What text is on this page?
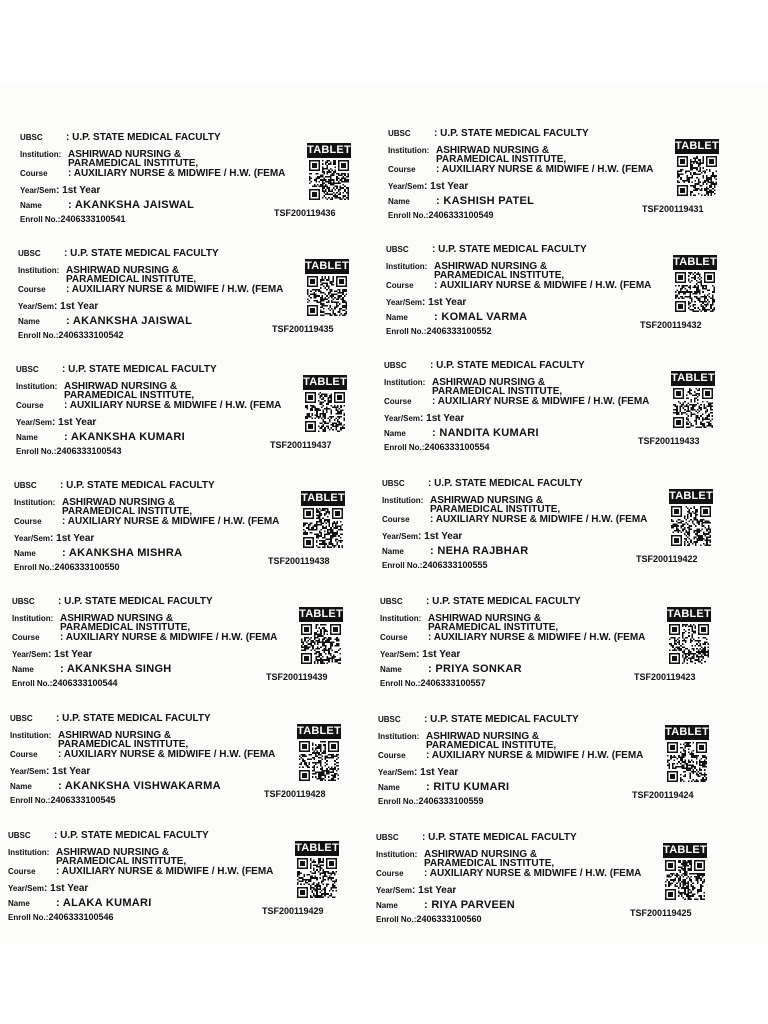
UBSC : U.P. STATE MEDICAL FACULTY
Institution: ASHIRWAD NURSING &
PARAMEDICAL INSTITUTE,
Course : AUXILIARY NURSE & MIDWIFE / H.W. (FEMA
Year/Sem: 1st Year
Name : AKANKSHA JAISWAL
Enroll No.:2406333100541
TABLET
TSF200119436
UBSC : U.P. STATE MEDICAL FACULTY
Institution: ASHIRWAD NURSING &
PARAMEDICAL INSTITUTE,
Course : AUXILIARY NURSE & MIDWIFE / H.W. (FEMA
Year/Sem: 1st Year
Name : KASHISH PATEL
Enroll No.:2406333100549
TABLET
TSF200119431
UBSC : U.P. STATE MEDICAL FACULTY
Institution: ASHIRWAD NURSING &
PARAMEDICAL INSTITUTE,
Course : AUXILIARY NURSE & MIDWIFE / H.W. (FEMA
Year/Sem: 1st Year
Name : AKANKSHA JAISWAL
Enroll No.:2406333100542
TABLET
TSF200119435
UBSC : U.P. STATE MEDICAL FACULTY
Institution: ASHIRWAD NURSING &
PARAMEDICAL INSTITUTE,
Course : AUXILIARY NURSE & MIDWIFE / H.W. (FEMA
Year/Sem: 1st Year
Name : KOMAL VARMA
Enroll No.:2406333100552
TABLET
TSF200119432
UBSC : U.P. STATE MEDICAL FACULTY
Institution: ASHIRWAD NURSING &
PARAMEDICAL INSTITUTE,
Course : AUXILIARY NURSE & MIDWIFE / H.W. (FEMA
Year/Sem: 1st Year
Name : AKANKSHA KUMARI
Enroll No.:2406333100543
TABLET
TSF200119437
UBSC : U.P. STATE MEDICAL FACULTY
Institution: ASHIRWAD NURSING &
PARAMEDICAL INSTITUTE,
Course : AUXILIARY NURSE & MIDWIFE / H.W. (FEMA
Year/Sem: 1st Year
Name : NANDITA KUMARI
Enroll No.:2406333100554
TABLET
TSF200119433
UBSC : U.P. STATE MEDICAL FACULTY
Institution: ASHIRWAD NURSING &
PARAMEDICAL INSTITUTE,
Course : AUXILIARY NURSE & MIDWIFE / H.W. (FEMA
Year/Sem: 1st Year
Name : AKANKSHA MISHRA
Enroll No.:2406333100550
TABLET
TSF200119438
UBSC : U.P. STATE MEDICAL FACULTY
Institution: ASHIRWAD NURSING &
PARAMEDICAL INSTITUTE,
Course : AUXILIARY NURSE & MIDWIFE / H.W. (FEMA
Year/Sem: 1st Year
Name : NEHA RAJBHAR
Enroll No.:2406333100555
TABLET
TSF200119422
UBSC : U.P. STATE MEDICAL FACULTY
Institution: ASHIRWAD NURSING &
PARAMEDICAL INSTITUTE,
Course : AUXILIARY NURSE & MIDWIFE / H.W. (FEMA
Year/Sem: 1st Year
Name : AKANKSHA SINGH
Enroll No.:2406333100544
TABLET
TSF200119439
UBSC : U.P. STATE MEDICAL FACULTY
Institution: ASHIRWAD NURSING &
PARAMEDICAL INSTITUTE,
Course : AUXILIARY NURSE & MIDWIFE / H.W. (FEMA
Year/Sem: 1st Year
Name : PRIYA SONKAR
Enroll No.:2406333100557
TABLET
TSF200119423
UBSC : U.P. STATE MEDICAL FACULTY
Institution: ASHIRWAD NURSING &
PARAMEDICAL INSTITUTE,
Course : AUXILIARY NURSE & MIDWIFE / H.W. (FEMA
Year/Sem: 1st Year
Name : AKANKSHA VISHWAKARMA
Enroll No.:2406333100545
TABLET
TSF200119428
UBSC : U.P. STATE MEDICAL FACULTY
Institution: ASHIRWAD NURSING &
PARAMEDICAL INSTITUTE,
Course : AUXILIARY NURSE & MIDWIFE / H.W. (FEMA
Year/Sem: 1st Year
Name : RITU KUMARI
Enroll No.:2406333100559
TABLET
TSF200119424
UBSC : U.P. STATE MEDICAL FACULTY
Institution: ASHIRWAD NURSING &
PARAMEDICAL INSTITUTE,
Course : AUXILIARY NURSE & MIDWIFE / H.W. (FEMA
Year/Sem: 1st Year
Name : ALAKA KUMARI
Enroll No.:2406333100546
TABLET
TSF200119429
UBSC : U.P. STATE MEDICAL FACULTY
Institution: ASHIRWAD NURSING &
PARAMEDICAL INSTITUTE,
Course : AUXILIARY NURSE & MIDWIFE / H.W. (FEMA
Year/Sem: 1st Year
Name : RIYA PARVEEN
Enroll No.:2406333100560
TABLET
TSF200119425
